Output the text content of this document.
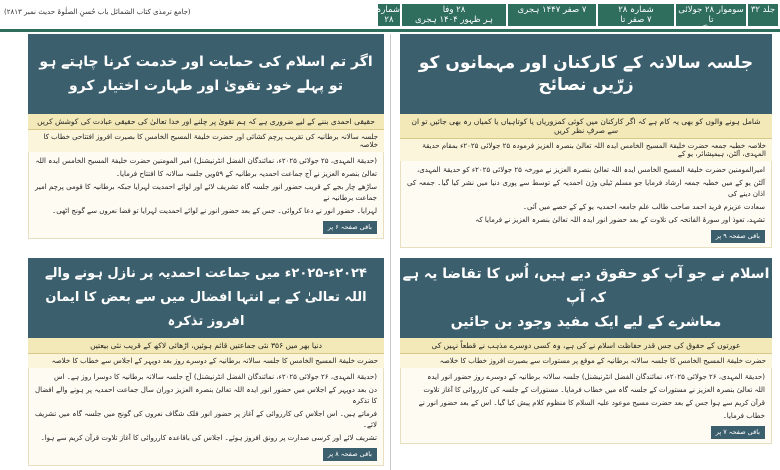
جلد ۳۲
سوموار ۲۸ جولائی تا
شمارہ ۲۸
۷ صفر تا
۷ صفر ۱۴۴۷ ہجری
۲۸ وفا
ہر ظہور ۱۴۰۴ ہجری
شمارہ
۲۸
(جامع ترمذی کتاب الشمائل باب حُسنِ الصلٰوۃ حدیث نمبر ۲۸۱۳)
جلسہ سالانہ کے کارکنان اور مہمانوں کو زرّیں نصائح
شامل ہونے والوں کو بھی یہ کام ہے کہ اگر کارکنان میں کوئی کمزوریاں یا کوتاہیاں یا کمیاں رہ بھی جائیں تو ان سے صرفِ نظر کریں
خلاصہ خطبہ جمعہ حضرت خلیفۃ المسیح الخامس ایدہ اللہ تعالیٰ بنصرہ العزیز فرمودہ ۲۵ جولائی ۲۰۲۵ء بمقام حدیقۃ المہدی، آلٹن، ہیمپشائر، یو کے

امیرالمومنین حضرت خلیفۃ المسیح الخامس ایدہ اللہ تعالیٰ بنصرہ العزیز نے مورخہ ۲۵ جولائی ۲۰۲۵ء کو حدیقۃ المہدی،

آلٹن یو کے میں خطبہ جمعہ ارشاد فرمایا جو مسلم ٹیلی وژن احمدیہ کے توسط سے پوری دنیا میں نشر کیا گیا۔ جمعہ کی اذان دینے کی

سعادت عزیزم فرید احمد صاحب طالب علم جامعہ احمدیہ یو کے کے حصے میں آئی۔

تشہد، تعوذ اور سورۃ الفاتحہ کی تلاوت کے بعد حضور انور ایدہ اللہ تعالیٰ بنصرہ العزیز نے فرمایا کہ

باقی صفحہ ۹ پر
اگر تم اسلام کی حمایت اور خدمت کرنا چاہتے ہو
تو پہلے خود تقویٰ اور طہارت اختیار کرو
حقیقی احمدی بننے کے لیے ضروری ہے کہ ہم تقویٰ پر چلنے اور خدا تعالیٰ کی حقیقی عبادت کی کوشش کریں
جلسہ سالانہ برطانیہ کی تقریب پرچم کشائی اور حضرت خلیفۃ المسیح الخامس کا بصیرت افروز افتتاحی خطاب کا خلاصہ

(حدیقۃ المہدی، ۲۵ جولائی ۲۰۲۵ء، نمائندگان الفضل انٹرنیشنل) امیر المومنین حضرت خلیفۃ المسیح الخامس ایدہ اللہ

تعالیٰ بنصرہ العزیز نے آج جماعت احمدیہ برطانیہ کے ۵۹ویں جلسہ سالانہ کا افتتاح فرمایا۔

ساڑھے چار بجے کے قریب حضور انور جلسہ گاہ تشریف لائے اور لوائے احمدیت لہرایا جبکہ برطانیہ کا قومی پرچم امیر جماعت برطانیہ نے

لہرایا۔ حضور انور نے دعا کروائی۔ جس کے بعد حضور انور نے لوائے احمدیت لہرایا تو فضا نعروں سے گونج اٹھی۔

باقی صفحہ ۶ پر
اسلام نے جو آپ کو حقوق دیے ہیں، اُس کا تقاضا یہ ہے کہ آپ
معاشرے کے لیے ایک مفید وجود بن جائیں
عورتوں کے حقوق کی جس قدر حفاظت اسلام نے کی ہے، وہ کسی دوسرے مذہب نے قطعاً نہیں کی
حضرت خلیفۃ المسیح الخامس کا جلسہ سالانہ برطانیہ کے موقع پر مستورات سے بصیرت افروز خطاب کا خلاصہ

(حدیقۃ المہدی، ۲۶ جولائی ۲۰۲۵ء، نمائندگان الفضل انٹرنیشنل) جلسہ سالانہ برطانیہ کے دوسرے روز حضور انور ایدہ

اللہ تعالیٰ بنصرہ العزیز نے مستورات کے جلسہ گاہ میں خطاب فرمایا۔ مستورات کے جلسہ کی کارروائی کا آغاز تلاوت

قرآن کریم سے ہوا جس کے بعد حضرت مسیح موعود علیہ السلام کا منظوم کلام پیش کیا گیا۔ اس کے بعد حضور انور نے

خطاب فرمایا۔

باقی صفحہ ۷ پر
۲۰۲۴ء-۲۰۲۵ء میں جماعت احمدیہ پر نازل ہونے والے
اللہ تعالیٰ کے بے انتہا افضال میں سے بعض کا ایمان افروز تذکرہ
دنیا بھر میں ۳۵۶ نئی جماعتیں قائم ہوئیں، اڑھائی لاکھ کے قریب نئی بیعتیں
حضرت خلیفۃ المسیح الخامس کا جلسہ سالانہ برطانیہ کے دوسرے روز بعد دوپہر کے اجلاس سے خطاب کا خلاصہ

(حدیقۃ المہدی، ۲۶ جولائی ۲۰۲۵ء، نمائندگان الفضل انٹرنیشنل) آج جلسہ سالانہ برطانیہ کا دوسرا روز ہے۔ اس

دن بعد دوپہر کے اجلاس میں حضور انور ایدہ اللہ تعالیٰ بنصرہ العزیز دوران سال جماعت احمدیہ پر ہونے والے افضال کا تذکرہ

فرماتے ہیں۔ اس اجلاس کی کارروائی کے آغاز پر حضور انور فلک شگاف نعروں کی گونج میں جلسہ گاہ میں تشریف لائے۔

تشریف لائے اور کرسی صدارت پر رونق افروز ہوئے۔ اجلاس کی باقاعدہ کارروائی کا آغاز تلاوت قرآن کریم سے ہوا۔

باقی صفحہ ۸ پر
